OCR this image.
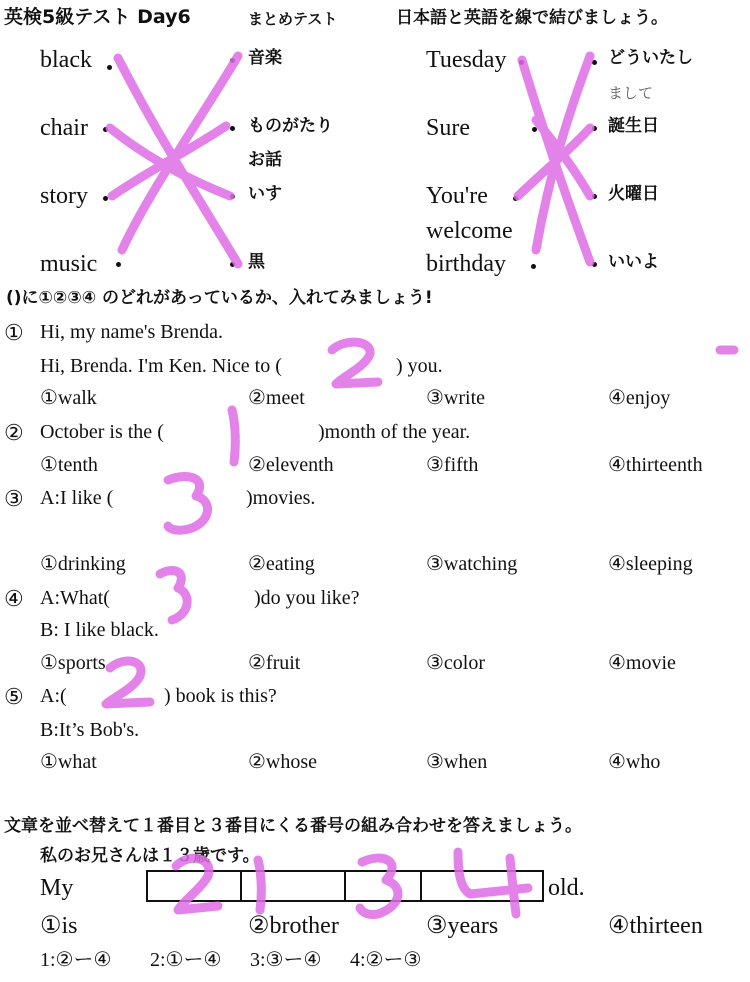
英検5級テスト Day6	まとめテスト	日本語と英語を線で結びましょう。
black
chair
story
music
音楽
ものがたり
お話
いす
黒
Tuesday
Sure
You're
welcome
birthday
どういたし
まして
誕生日
火曜日
いいよ
()に①②③④ のどれがあっているか、入れてみましょう!
① Hi, my name's Brenda.
Hi, Brenda. I'm Ken. Nice to (	) you.
①walk	②meet	③write	④enjoy
② October is the (	)month of the year.
①tenth	②eleventh	③fifth	④thirteenth
③ A:I like (	)movies.
①drinking	②eating	③watching	④sleeping
④ A:What(	)do you like?
B: I like black.
①sports	②fruit	③color	④movie
⑤ A:(	) book is this?
B:It’s Bob's.
①what	②whose	③when	④who
文章を並べ替えて１番目と３番目にくる番号の組み合わせを答えましょう。
私のお兄さんは１３歳です。
My	old.
①is	②brother	③years	④thirteen
1:②ー④ 2:①ー④ 3:③ー④ 4:②ー③
